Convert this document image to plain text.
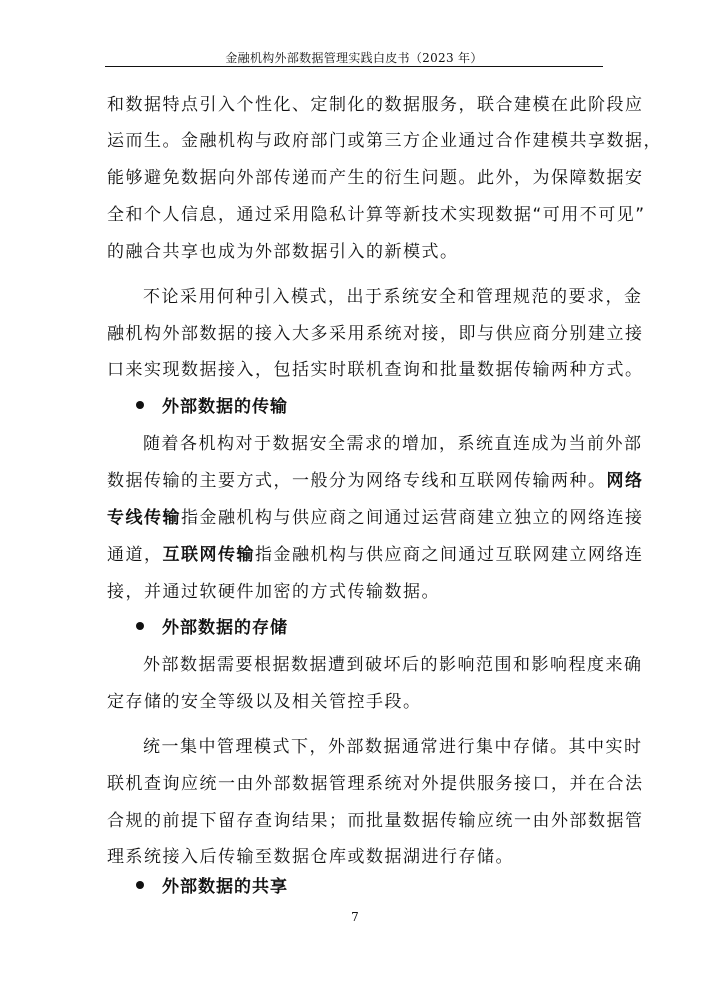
金融机构外部数据管理实践白皮书（2023 年）
和数据特点引入个性化、定制化的数据服务，联合建模在此阶段应
运而生。金融机构与政府部门或第三方企业通过合作建模共享数据，
能够避免数据向外部传递而产生的衍生问题。此外，为保障数据安
全和个人信息，通过采用隐私计算等新技术实现数据“可用不可见”
的融合共享也成为外部数据引入的新模式。
不论采用何种引入模式，出于系统安全和管理规范的要求，金
融机构外部数据的接入大多采用系统对接，即与供应商分别建立接
口来实现数据接入，包括实时联机查询和批量数据传输两种方式。
外部数据的传输
随着各机构对于数据安全需求的增加，系统直连成为当前外部
数据传输的主要方式，一般分为网络专线和互联网传输两种。网络
专线传输指金融机构与供应商之间通过运营商建立独立的网络连接
通道，互联网传输指金融机构与供应商之间通过互联网建立网络连
接，并通过软硬件加密的方式传输数据。
外部数据的存储
外部数据需要根据数据遭到破坏后的影响范围和影响程度来确
定存储的安全等级以及相关管控手段。
统一集中管理模式下，外部数据通常进行集中存储。其中实时
联机查询应统一由外部数据管理系统对外提供服务接口，并在合法
合规的前提下留存查询结果；而批量数据传输应统一由外部数据管
理系统接入后传输至数据仓库或数据湖进行存储。
外部数据的共享
7
